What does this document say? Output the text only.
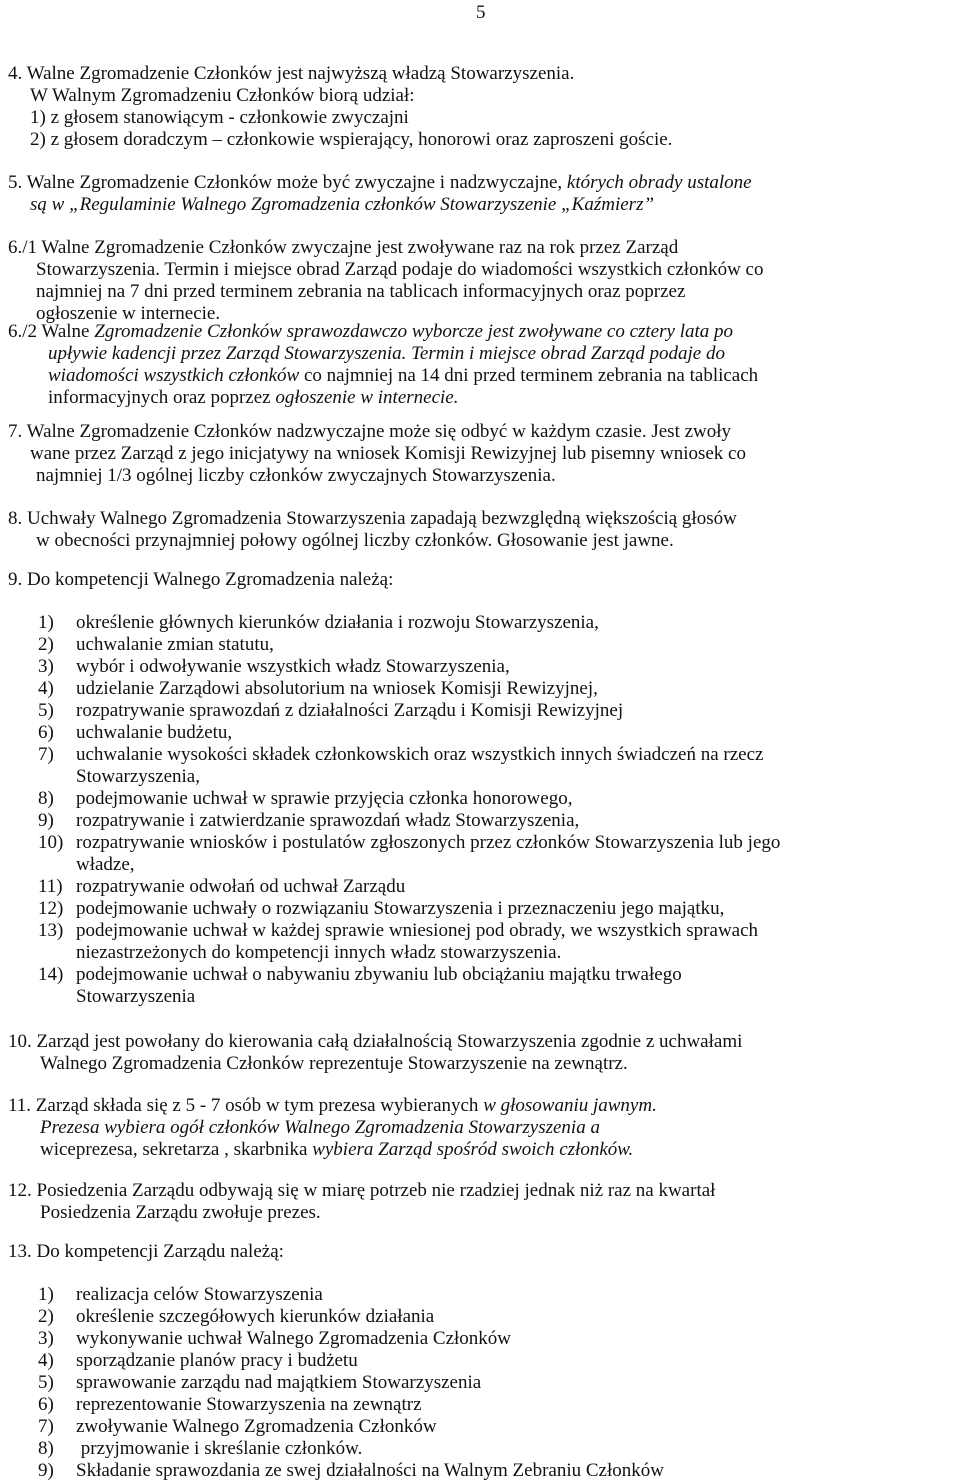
5
4. Walne Zgromadzenie Członków jest najwyższą władzą Stowarzyszenia.
W Walnym Zgromadzeniu Członków biorą udział:
1) z głosem stanowiącym - członkowie zwyczajni
2) z głosem doradczym – członkowie wspierający, honorowi oraz zaproszeni goście.
5. Walne Zgromadzenie Członków może być zwyczajne i nadzwyczajne, których obrady ustalone
są w „Regulaminie Walnego Zgromadzenia członków Stowarzyszenie „Kaźmierz”
6./1 Walne Zgromadzenie Członków zwyczajne jest zwoływane raz na rok przez Zarząd
Stowarzyszenia. Termin i miejsce obrad Zarząd podaje do wiadomości wszystkich członków co
najmniej na 7 dni przed terminem zebrania na tablicach informacyjnych oraz poprzez
ogłoszenie w internecie.
6./2 Walne Zgromadzenie Członków sprawozdawczo wyborcze jest zwoływane co cztery lata po
upływie kadencji przez Zarząd Stowarzyszenia. Termin i miejsce obrad Zarząd podaje do
wiadomości wszystkich członków co najmniej na 14 dni przed terminem zebrania na tablicach
informacyjnych oraz poprzez ogłoszenie w internecie.
7. Walne Zgromadzenie Członków nadzwyczajne może się odbyć w każdym czasie. Jest zwoły
wane przez Zarząd z jego inicjatywy na wniosek Komisji Rewizyjnej lub pisemny wniosek co
najmniej 1/3 ogólnej liczby członków zwyczajnych Stowarzyszenia.
8. Uchwały Walnego Zgromadzenia Stowarzyszenia zapadają bezwzględną większością głosów
w obecności przynajmniej połowy ogólnej liczby członków. Głosowanie jest jawne.
9. Do kompetencji Walnego Zgromadzenia należą:
1)	określenie głównych kierunków działania i rozwoju Stowarzyszenia,
2)	uchwalanie zmian statutu,
3)	wybór i odwoływanie wszystkich władz Stowarzyszenia,
4)	udzielanie Zarządowi absolutorium na wniosek Komisji Rewizyjnej,
5)	rozpatrywanie sprawozdań z działalności Zarządu i Komisji Rewizyjnej
6)	uchwalanie budżetu,
7)	uchwalanie wysokości składek członkowskich oraz wszystkich innych świadczeń na rzecz
Stowarzyszenia,
8)	podejmowanie uchwał w sprawie przyjęcia członka honorowego,
9)	rozpatrywanie i zatwierdzanie sprawozdań władz Stowarzyszenia,
10) rozpatrywanie wniosków i postulatów zgłoszonych przez członków Stowarzyszenia lub jego
władze,
11) rozpatrywanie odwołań od uchwał Zarządu
12) podejmowanie uchwały o rozwiązaniu Stowarzyszenia i przeznaczeniu jego majątku,
13) podejmowanie uchwał w każdej sprawie wniesionej pod obrady, we wszystkich sprawach
niezastrzeżonych do kompetencji innych władz stowarzyszenia.
14) podejmowanie uchwał o nabywaniu zbywaniu lub obciążaniu majątku trwałego
Stowarzyszenia
10. Zarząd jest powołany do kierowania całą działalnością Stowarzyszenia zgodnie z uchwałami
Walnego Zgromadzenia Członków reprezentuje Stowarzyszenie na zewnątrz.
11. Zarząd składa się z 5 - 7 osób w tym prezesa wybieranych w głosowaniu jawnym.
Prezesa wybiera ogół członków Walnego Zgromadzenia Stowarzyszenia a
wiceprezesa, sekretarza , skarbnika wybiera Zarząd spośród swoich członków.
12. Posiedzenia Zarządu odbywają się w miarę potrzeb nie rzadziej jednak niż raz na kwartał
Posiedzenia Zarządu zwołuje prezes.
13. Do kompetencji Zarządu należą:
1)	realizacja celów Stowarzyszenia
2)	określenie szczegółowych kierunków działania
3)	wykonywanie uchwał Walnego Zgromadzenia Członków
4)	sporządzanie planów pracy i budżetu
5)	sprawowanie zarządu nad majątkiem Stowarzyszenia
6)	reprezentowanie Stowarzyszenia na zewnątrz
7)	zwoływanie Walnego Zgromadzenia Członków
8)	przyjmowanie i skreślanie członków.
9)	Składanie sprawozdania ze swej działalności na Walnym Zebraniu Członków
